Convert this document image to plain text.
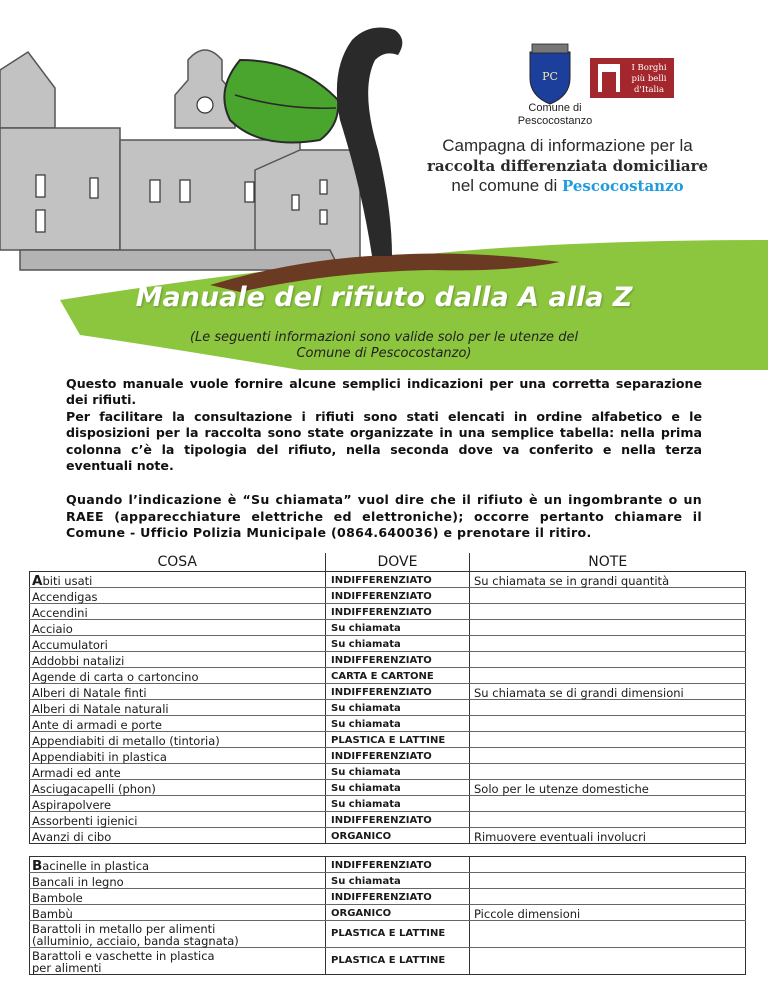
PC
I Borghi
più belli
d'Italia
Comune di
Pescocostanzo
Campagna di informazione per la
raccolta differenziata domiciliare
nel comune di Pescocostanzo
Manuale del rifiuto dalla A alla Z
(Le seguenti informazioni sono valide solo per le utenze del
Comune di Pescocostanzo)

Questo manuale vuole fornire alcune semplici indicazioni per una corretta separazione dei rifiuti.
Per facilitare la consultazione i rifiuti sono stati elencati in ordine alfabetico e le disposizioni per la raccolta sono state organizzate in una semplice tabella: nella prima colonna c’è la tipologia del rifiuto, nella seconda dove va conferito e nella terza eventuali note.

Quando l’indicazione è “Su chiamata” vuol dire che il rifiuto è un ingombrante o un RAEE (apparecchiature elettriche ed elettroniche); occorre pertanto chiamare il Comune - Ufficio Polizia Municipale (0864.640036) e prenotare il ritiro.

COSA	DOVE	NOTE
Abiti usati	INDIFFERENZIATO	Su chiamata se in grandi quantità
Accendigas	INDIFFERENZIATO	
Accendini	INDIFFERENZIATO	
Acciaio	Su chiamata	
Accumulatori	Su chiamata	
Addobbi natalizi	INDIFFERENZIATO	
Agende di carta o cartoncino	CARTA E CARTONE	
Alberi di Natale finti	INDIFFERENZIATO	Su chiamata se di grandi dimensioni
Alberi di Natale naturali	Su chiamata	
Ante di armadi e porte	Su chiamata	
Appendiabiti di metallo (tintoria)	PLASTICA E LATTINE	
Appendiabiti in plastica	INDIFFERENZIATO	
Armadi ed ante	Su chiamata	
Asciugacapelli (phon)	Su chiamata	Solo per le utenze domestiche
Aspirapolvere	Su chiamata	
Assorbenti igienici	INDIFFERENZIATO	
Avanzi di cibo	ORGANICO	Rimuovere eventuali involucri

Bacinelle in plastica	INDIFFERENZIATO	
Bancali in legno	Su chiamata	
Bambole	INDIFFERENZIATO	
Bambù	ORGANICO	Piccole dimensioni

Barattoli in metallo per alimenti
(alluminio, acciaio, banda stagnata)	PLASTICA E LATTINE	

Barattoli e vaschette in plastica
per alimenti	PLASTICA E LATTINE	
